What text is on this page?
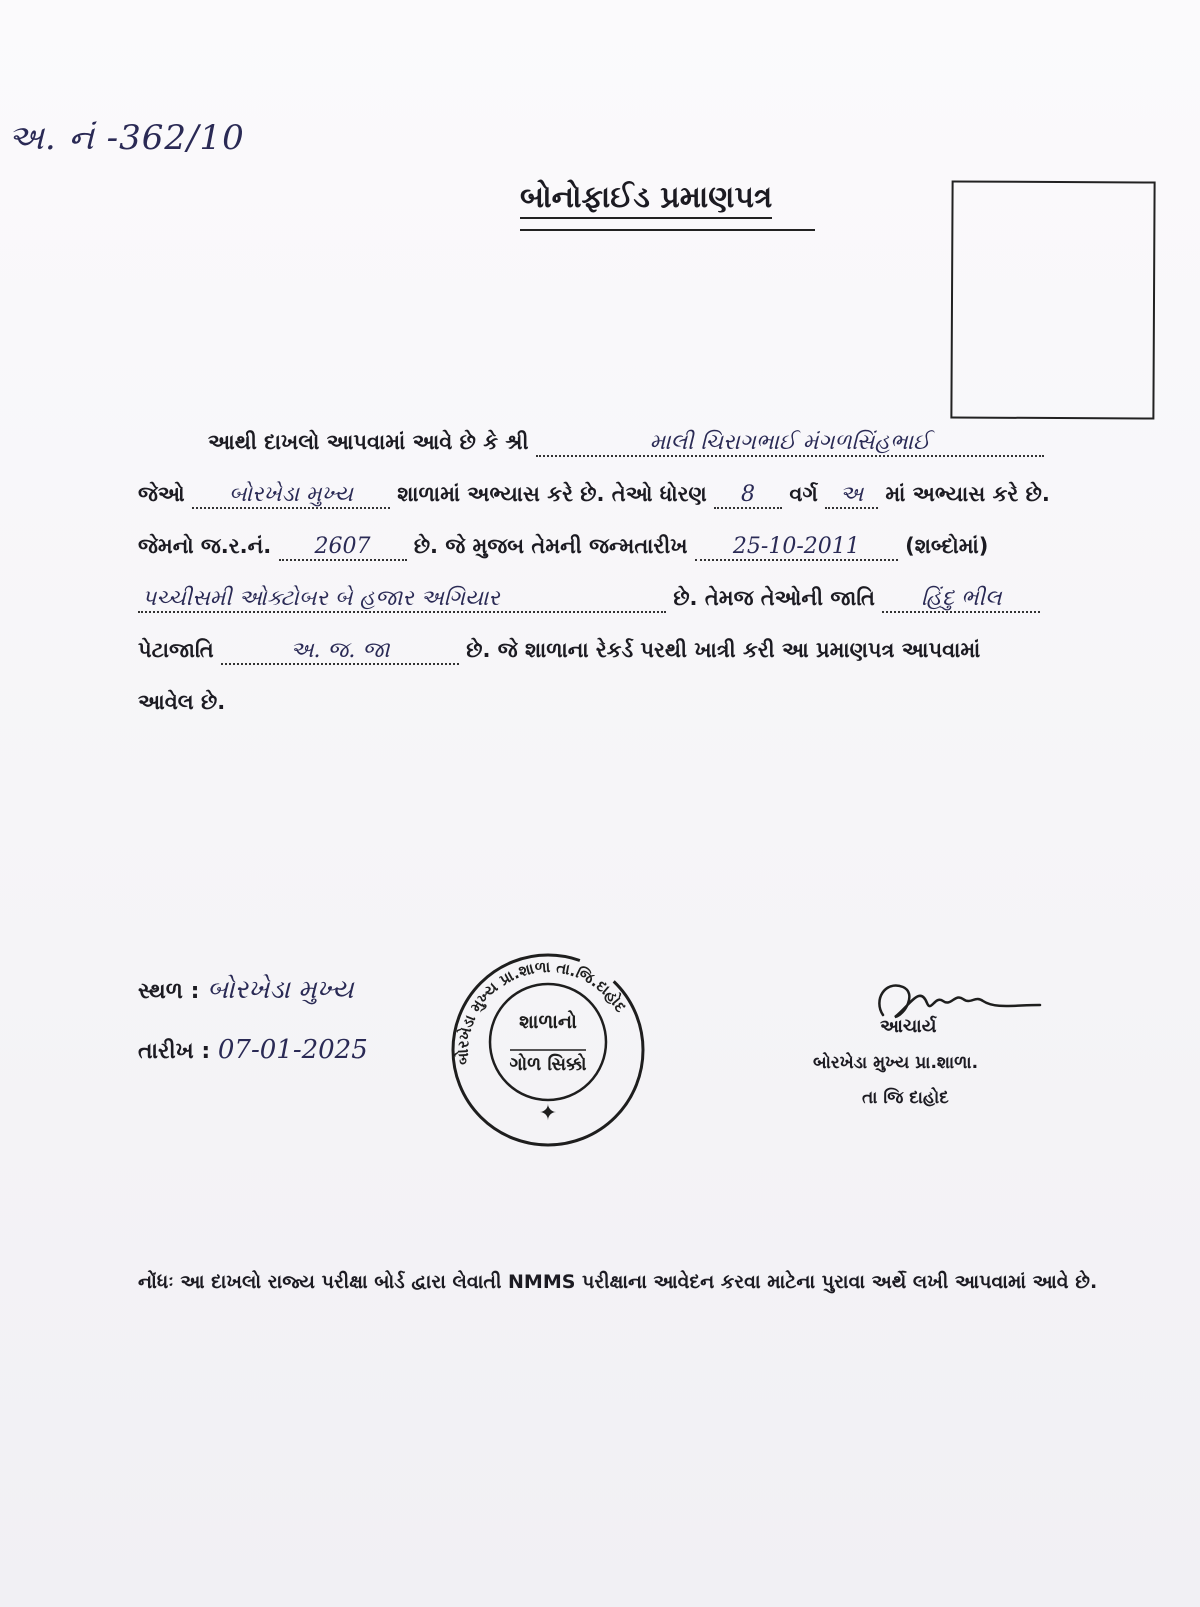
અ. નં -362/10
બોનોફાઈડ પ્રમાણપત્ર
આથી દાખલો આપવામાં આવે છે કે શ્રી	માલી ચિરાગભાઈ મંગળસિંહભાઈ
જેઓ બોરખેડા મુખ્ય શાળામાં અભ્યાસ કરે છે. તેઓ ધોરણ 8 વર્ગ અ માં અભ્યાસ કરે છે.
જેમનો જ.ર.નં. 2607 છે. જે મુજબ તેમની જન્મતારીખ 25-10-2011 (શબ્દોમાં)
પચ્ચીસમી ઓક્ટોબર બે હજાર અગિયાર	છે. તેમજ તેઓની જાતિ હિંદુ ભીલ
પેટાજાતિ	અ. જ. જા	છે. જે શાળાના રેકર્ડ પરથી ખાત્રી કરી આ પ્રમાણપત્ર આપવામાં
આવેલ છે.
સ્થળ : બોરખેડા મુખ્ય
તારીખ : 07-01-2025	બોરખેડા મુખ્ય પ્રા.શાળા તા.જિ.દાહોદ
શાળાનો
ગોળ સિક્કો
✦
આચાર્ય
બોરખેડા મુખ્ય પ્રા.શાળા.
તા જિ દાહોદ
નોંધઃ આ દાખલો રાજ્ય પરીક્ષા બોર્ડ દ્વારા લેવાતી NMMS પરીક્ષાના આવેદન કરવા માટેના પુરાવા અર્થે લખી આપવામાં આવે છે.
